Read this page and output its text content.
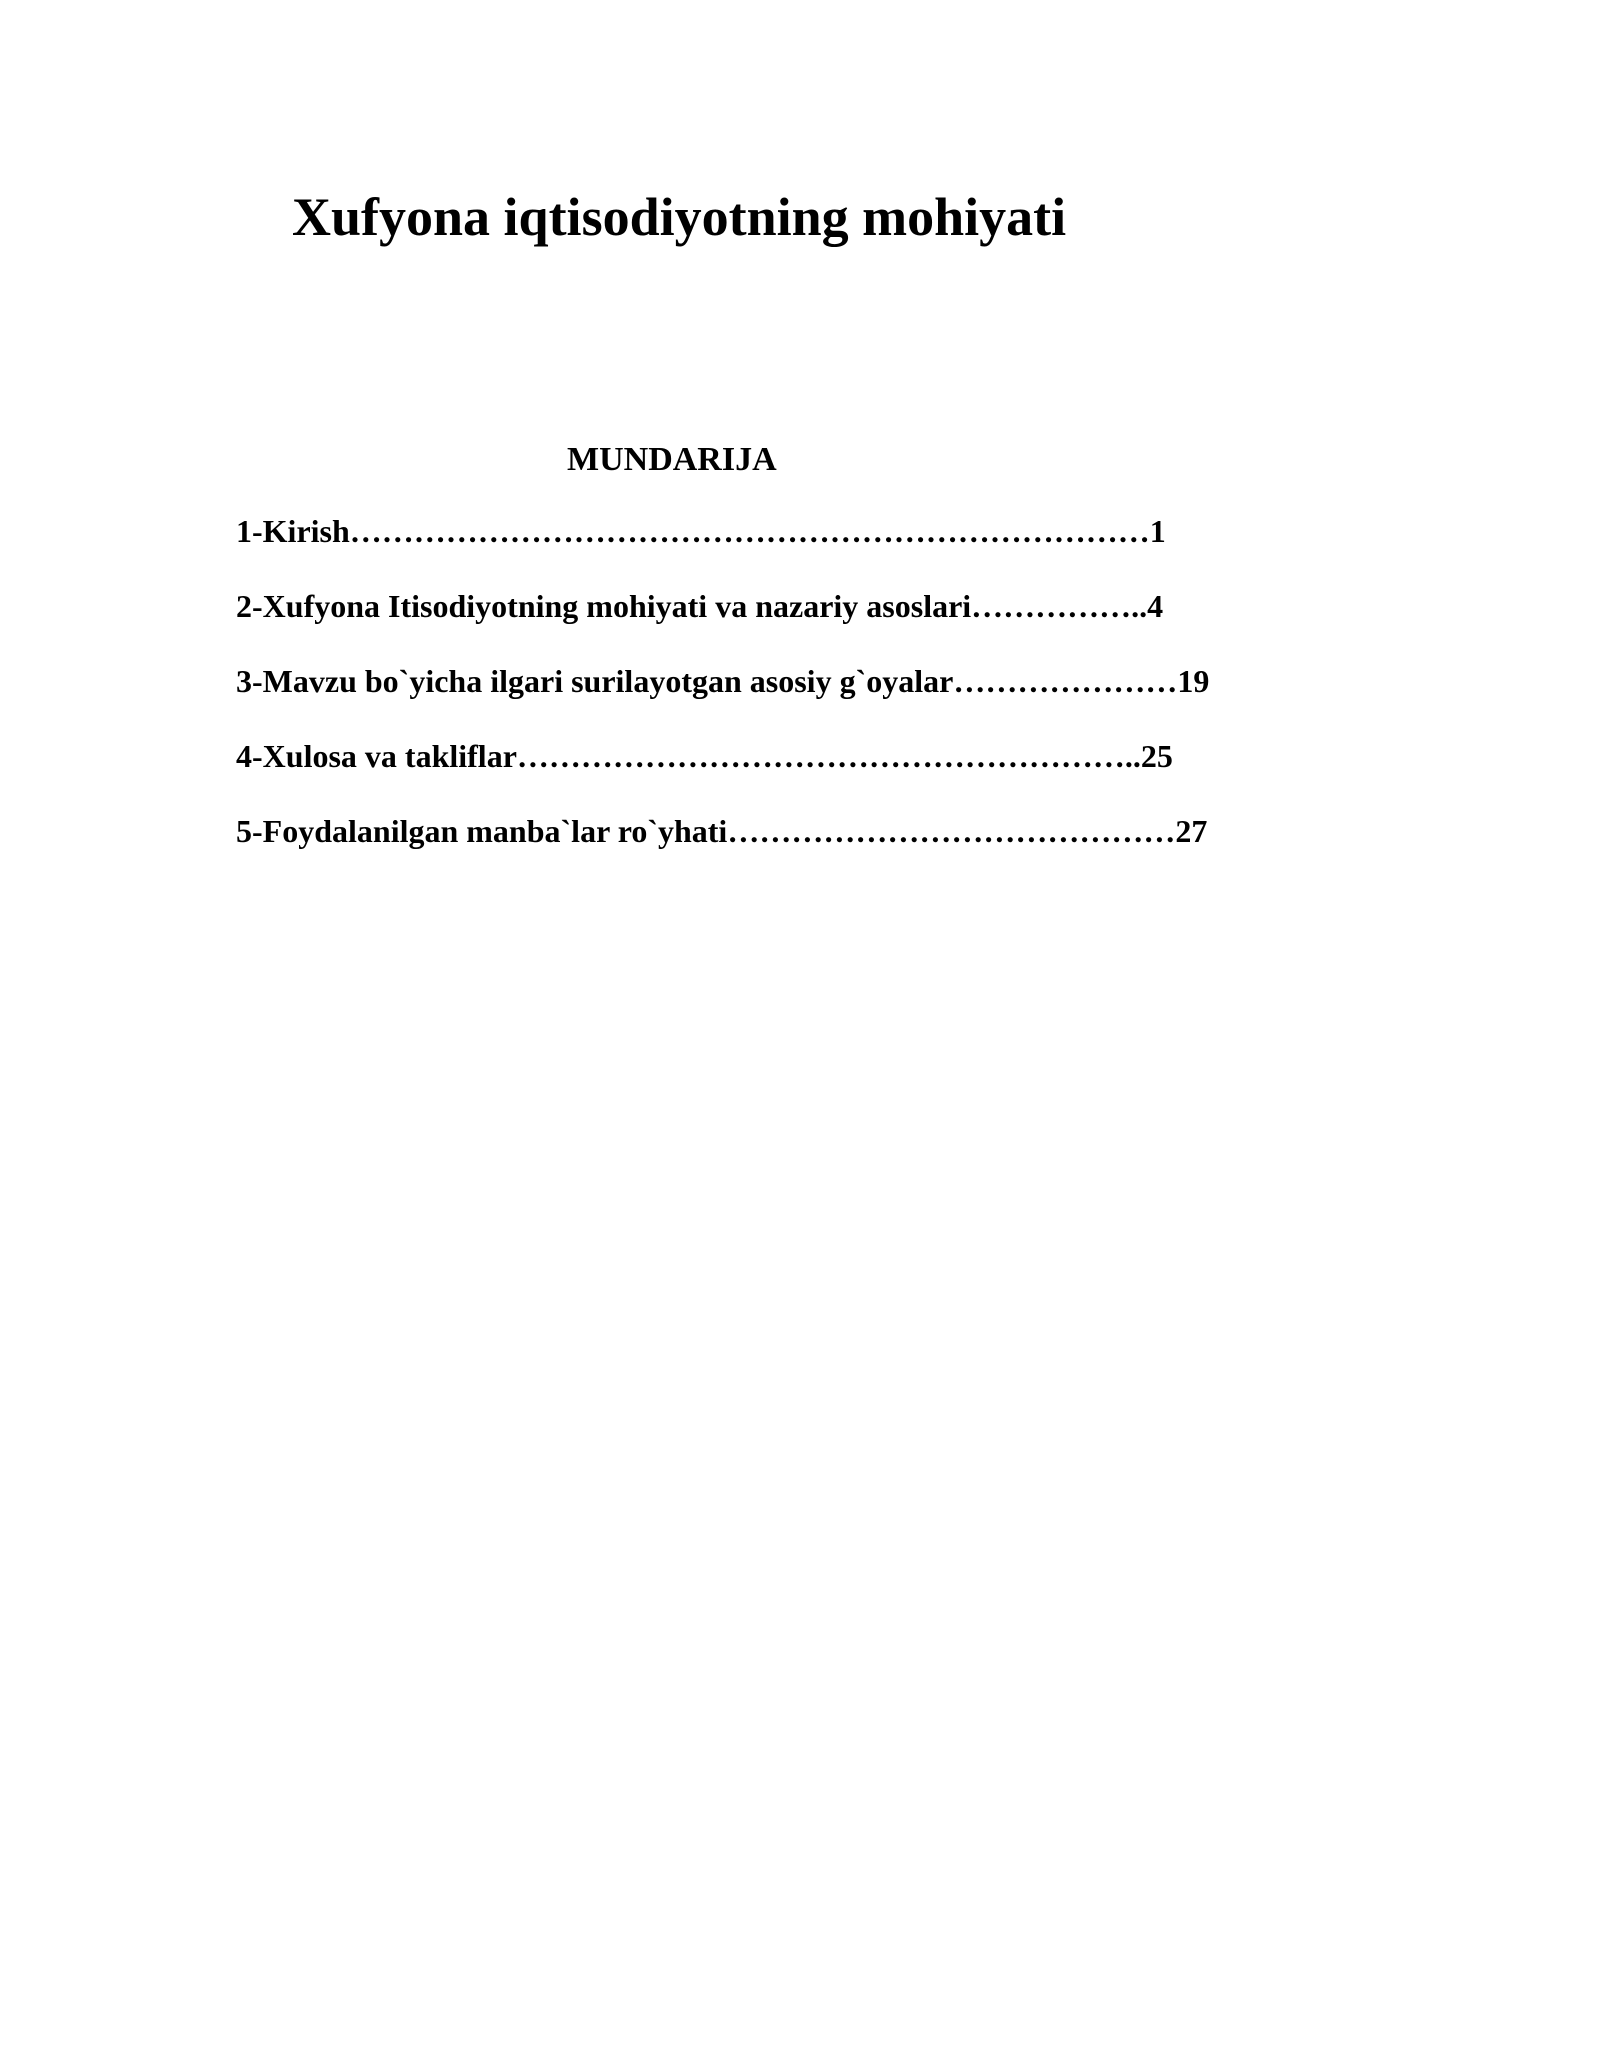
Xufyona iqtisodiyotning mohiyati
MUNDARIJA
1-Kirish…………………………………………………………………1
2-Xufyona Itisodiyotning mohiyati va nazariy asoslari……………..4
3-Mavzu bo`yicha ilgari surilayotgan asosiy g`oyalar…………………19
4-Xulosa va takliflar…………………………………………………..25
5-Foydalanilgan manba`lar ro`yhati……………………………………27
